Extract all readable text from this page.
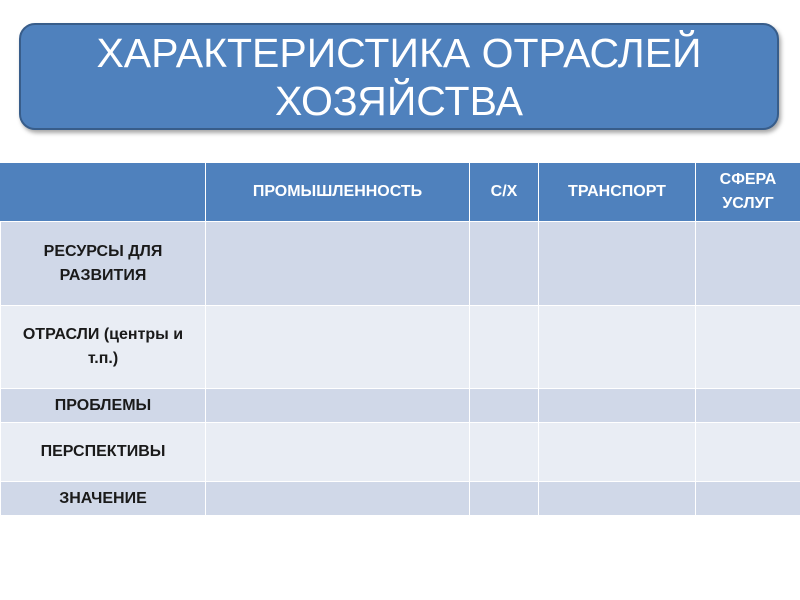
ХАРАКТЕРИСТИКА ОТРАСЛЕЙ
ХОЗЯЙСТВА
	ПРОМЫШЛЕННОСТЬ	С/Х	ТРАНСПОРТ	СФЕРА УСЛУГ
РЕСУРСЫ ДЛЯ РАЗВИТИЯ				
ОТРАСЛИ (центры и т.п.)				
ПРОБЛЕМЫ				
ПЕРСПЕКТИВЫ				
ЗНАЧЕНИЕ				
